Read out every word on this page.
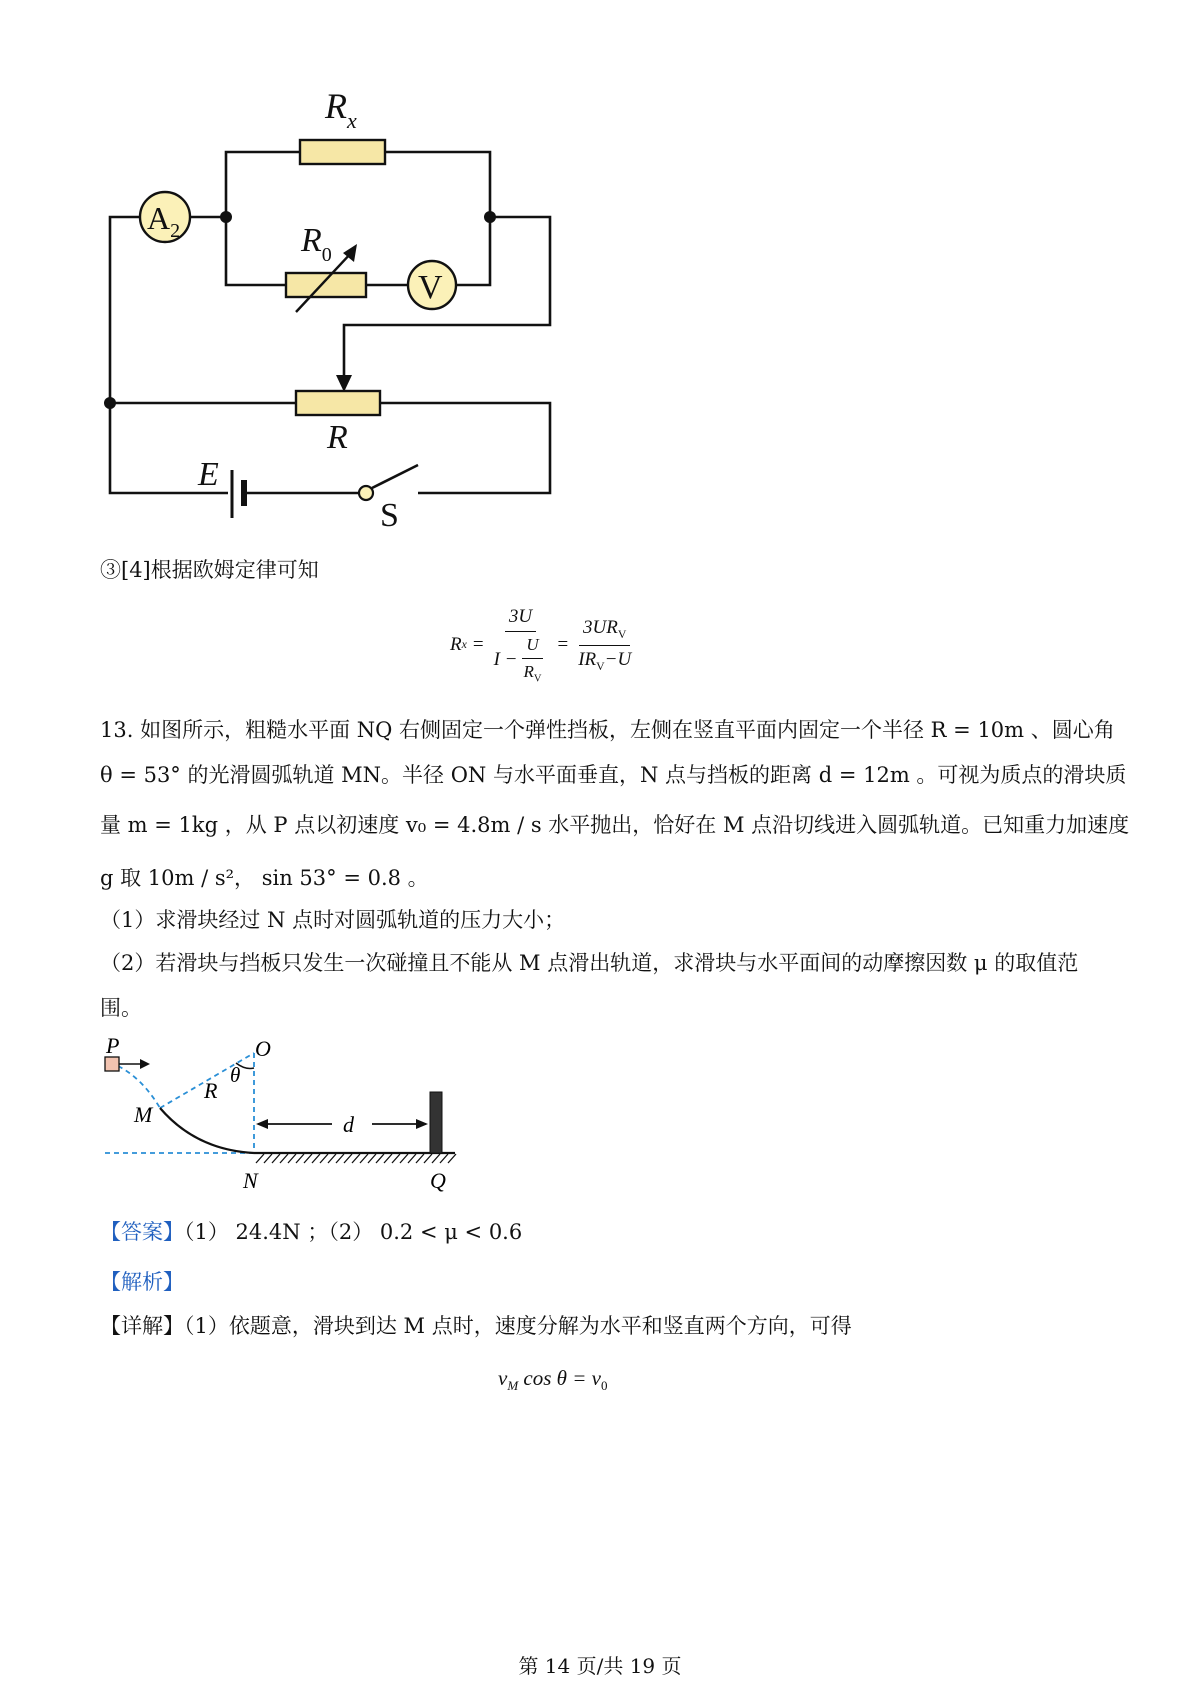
$R_x$
$A_2$	$R_0$
V
R
E
S
③[4]根据欧姆定律可知
R $x = \frac{3U}{I - \frac{U}{R_V}} = \frac{3UR_V}{IR_V-U}$
13. 如图所示，粗糙水平面 NQ 右侧固定一个弹性挡板，左侧在竖直平面内固定一个半径 R = 10m 、圆心角
θ = 53° 的光滑圆弧轨道 MN。半径 ON 与水平面垂直，N 点与挡板的距离 d = 12m 。可视为质点的滑块质
量 m = 1kg ，从 P 点以初速度 v₀ = 4.8m / s 水平抛出，恰好在 M 点沿切线进入圆弧轨道。已知重力加速度
g 取 10m / s²， sin 53° = 0.8 。
（1）求滑块经过 N 点时对圆弧轨道的压力大小；
（2）若滑块与挡板只发生一次碰撞且不能从 M 点滑出轨道，求滑块与水平面间的动摩擦因数 μ 的取值范
围。
P	O
θ
R
M	d
N	Q
【答案】（1） 24.4N ；（2） 0.2 < μ < 0.6
【解析】
【详解】（1）依题意，滑块到达 M 点时，速度分解为水平和竖直两个方向，可得
$v_M$ $\cos \theta = v_0$
第 14 页/共 19 页
